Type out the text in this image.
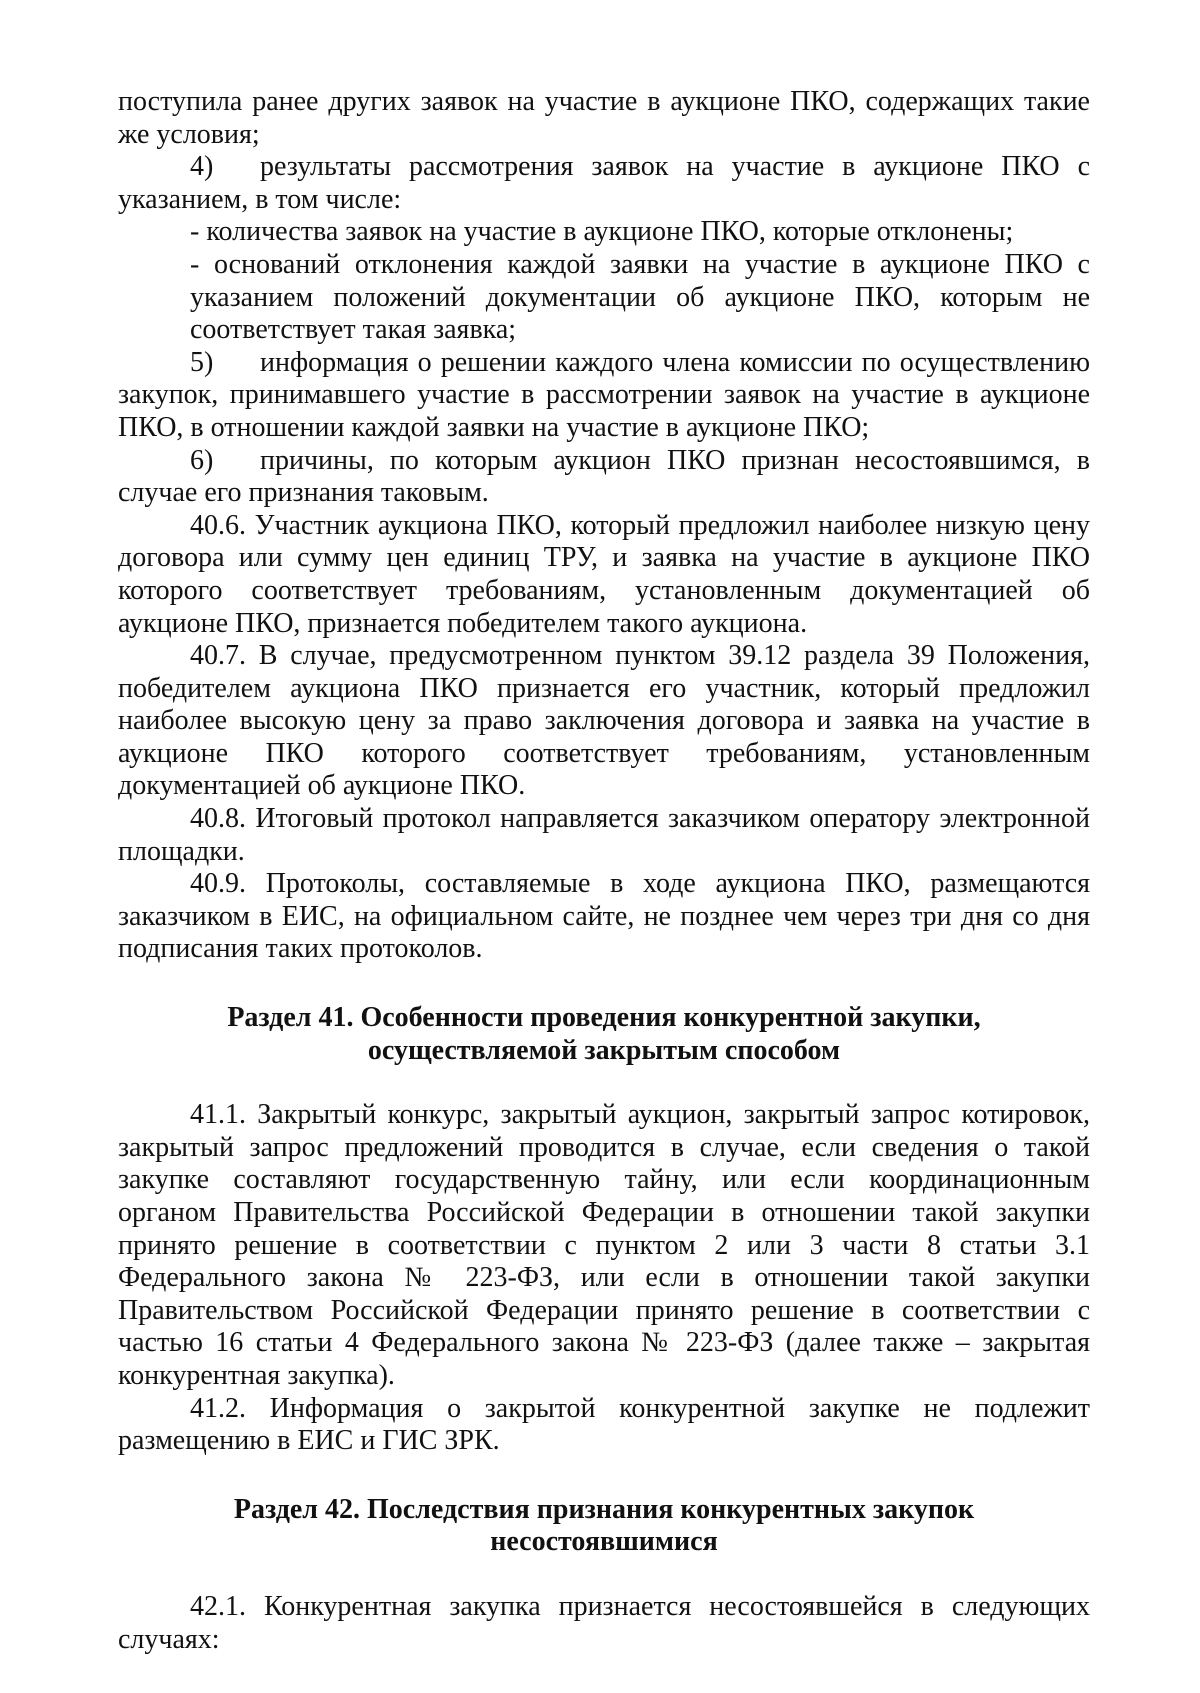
поступила ранее других заявок на участие в аукционе ПКО, содержащих такие же условия;

4) результаты рассмотрения заявок на участие в аукционе ПКО с указанием, в том числе:

- количества заявок на участие в аукционе ПКО, которые отклонены;

- оснований отклонения каждой заявки на участие в аукционе ПКО с указанием положений документации об аукционе ПКО, которым не соответствует такая заявка;

5) информация о решении каждого члена комиссии по осуществлению закупок, принимавшего участие в рассмотрении заявок на участие в аукционе ПКО, в отношении каждой заявки на участие в аукционе ПКО;

6) причины, по которым аукцион ПКО признан несостоявшимся, в случае его признания таковым.

40.6. Участник аукциона ПКО, который предложил наиболее низкую цену договора или сумму цен единиц ТРУ, и заявка на участие в аукционе ПКО которого соответствует требованиям, установленным документацией об аукционе ПКО, признается победителем такого аукциона.

40.7. В случае, предусмотренном пунктом 39.12 раздела 39 Положения, победителем аукциона ПКО признается его участник, который предложил наиболее высокую цену за право заключения договора и заявка на участие в аукционе ПКО которого соответствует требованиям, установленным документацией об аукционе ПКО.

40.8. Итоговый протокол направляется заказчиком оператору электронной площадки.

40.9. Протоколы, составляемые в ходе аукциона ПКО, размещаются заказчиком в ЕИС, на официальном сайте, не позднее чем через три дня со дня подписания таких протоколов.

Раздел 41. Особенности проведения конкурентной закупки,

осуществляемой закрытым способом

41.1. Закрытый конкурс, закрытый аукцион, закрытый запрос котировок, закрытый запрос предложений проводится в случае, если сведения о такой закупке составляют государственную тайну, или если координационным органом Правительства Российской Федерации в отношении такой закупки принято решение в соответствии с пунктом 2 или 3 части 8 статьи 3.1 Федерального закона № 223-ФЗ, или если в отношении такой закупки Правительством Российской Федерации принято решение в соответствии с частью 16 статьи 4 Федерального закона № 223-ФЗ (далее также – закрытая конкурентная закупка).

41.2. Информация о закрытой конкурентной закупке не подлежит размещению в ЕИС и ГИС ЗРК.

Раздел 42. Последствия признания конкурентных закупок

несостоявшимися

42.1. Конкурентная закупка признается несостоявшейся в следующих случаях:
